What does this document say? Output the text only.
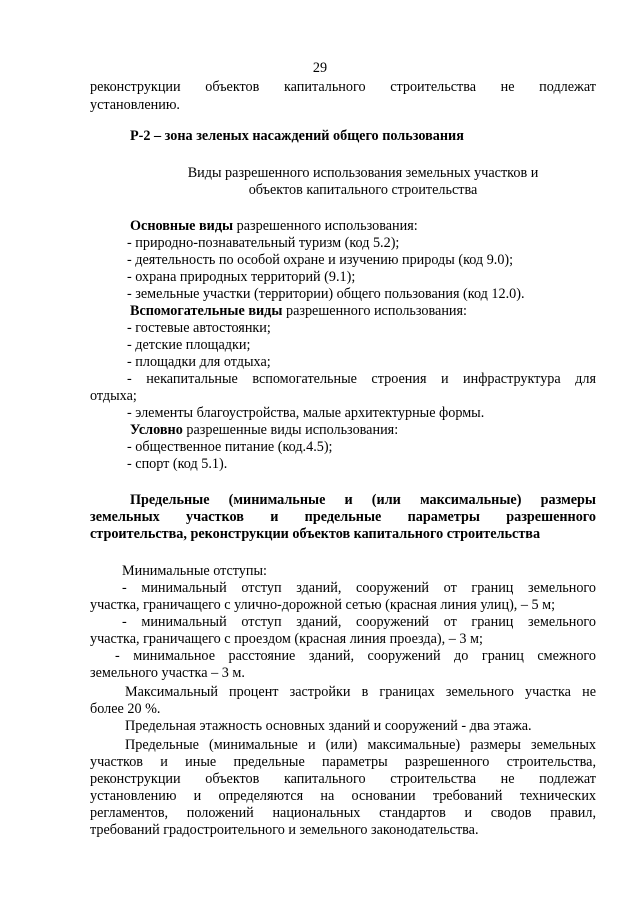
29
реконструкции объектов капитального строительства не подлежат
установлению.
Р-2 – зона зеленых насаждений общего пользования
Виды разрешенного использования земельных участков и
объектов капитального строительства
Основные виды разрешенного использования:
- природно-познавательный туризм (код 5.2);
- деятельность по особой охране и изучению природы (код 9.0);
- охрана природных территорий (9.1);
- земельные участки (территории) общего пользования (код 12.0).
Вспомогательные виды разрешенного использования:
- гостевые автостоянки;
- детские площадки;
- площадки для отдыха;
- некапитальные вспомогательные строения и инфраструктура для
отдыха;
- элементы благоустройства, малые архитектурные формы.
Условно разрешенные виды использования:
- общественное питание (код.4.5);
- спорт (код 5.1).
Предельные (минимальные и (или максимальные) размеры
земельных участков и предельные параметры разрешенного
строительства, реконструкции объектов капитального строительства
Минимальные отступы:
- минимальный отступ зданий, сооружений от границ земельного
участка, граничащего с улично-дорожной сетью (красная линия улиц), – 5 м;
- минимальный отступ зданий, сооружений от границ земельного
участка, граничащего с проездом (красная линия проезда), – 3 м;
- минимальное расстояние зданий, сооружений до границ смежного
земельного участка – 3 м.
Максимальный процент застройки в границах земельного участка не
более 20 %.
Предельная этажность основных зданий и сооружений - два этажа.
Предельные (минимальные и (или) максимальные) размеры земельных
участков и иные предельные параметры разрешенного строительства,
реконструкции объектов капитального строительства не подлежат
установлению и определяются на основании требований технических
регламентов, положений национальных стандартов и сводов правил,
требований градостроительного и земельного законодательства.
